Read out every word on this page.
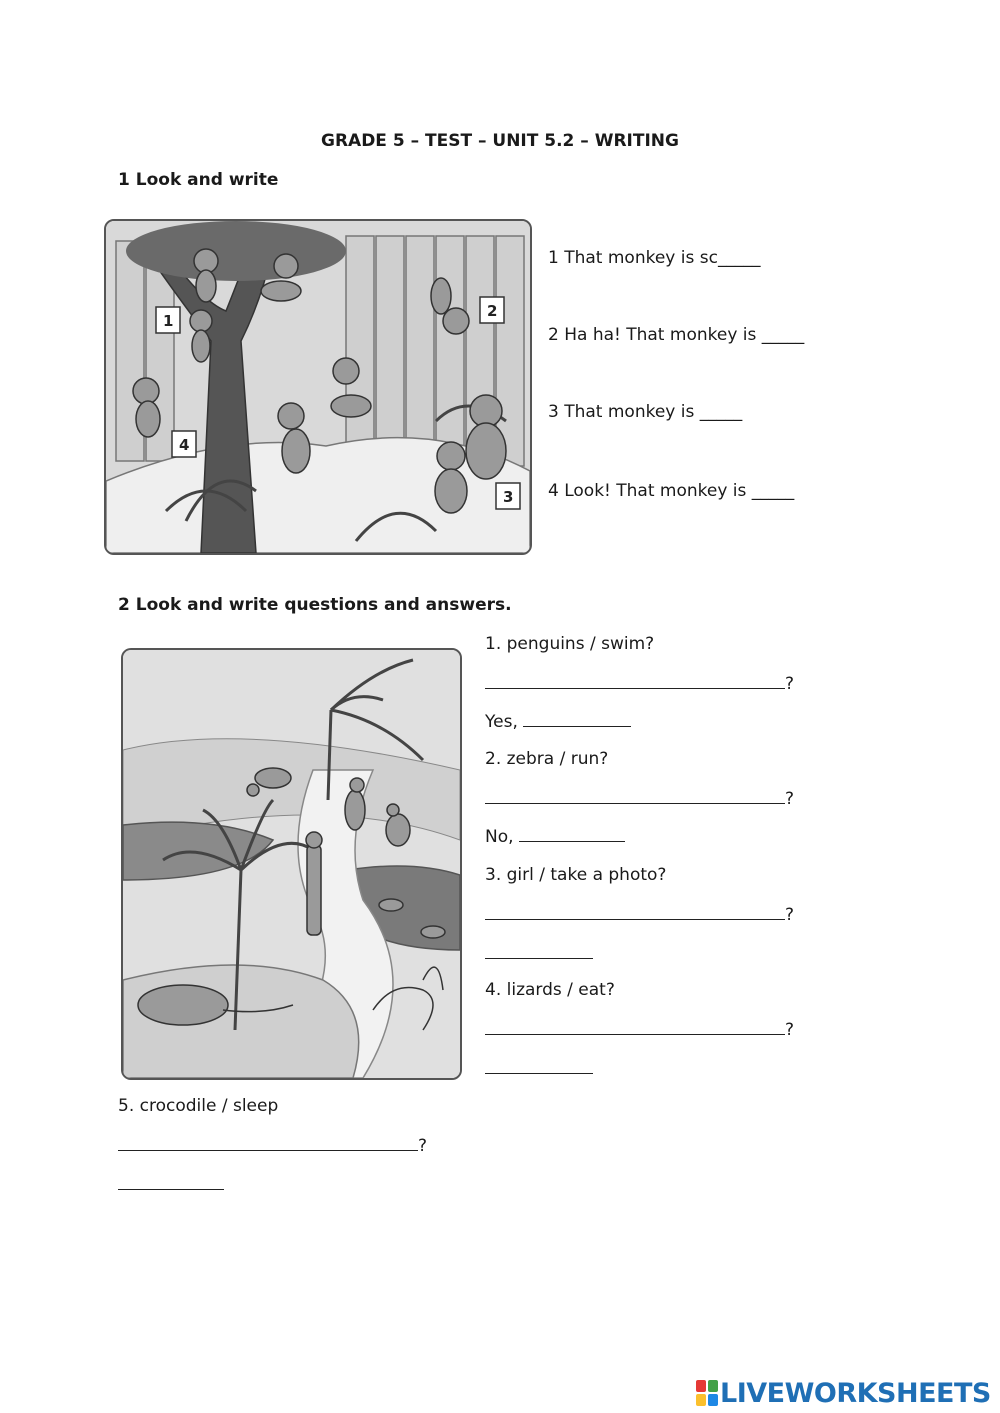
GRADE 5 – TEST – UNIT 5.2 – WRITING
1 Look and write
1
2
3
4
1 That monkey is sc_____
2 Ha ha! That monkey is _____
3 That monkey is _____
4 Look! That monkey is _____
2 Look and write questions and answers.
1. penguins / swim?
?
Yes,
2. zebra / run?
?
No,
3. girl / take a photo?
?
4. lizards / eat?
?
5. crocodile / sleep
?
LIVEWORKSHEETS
